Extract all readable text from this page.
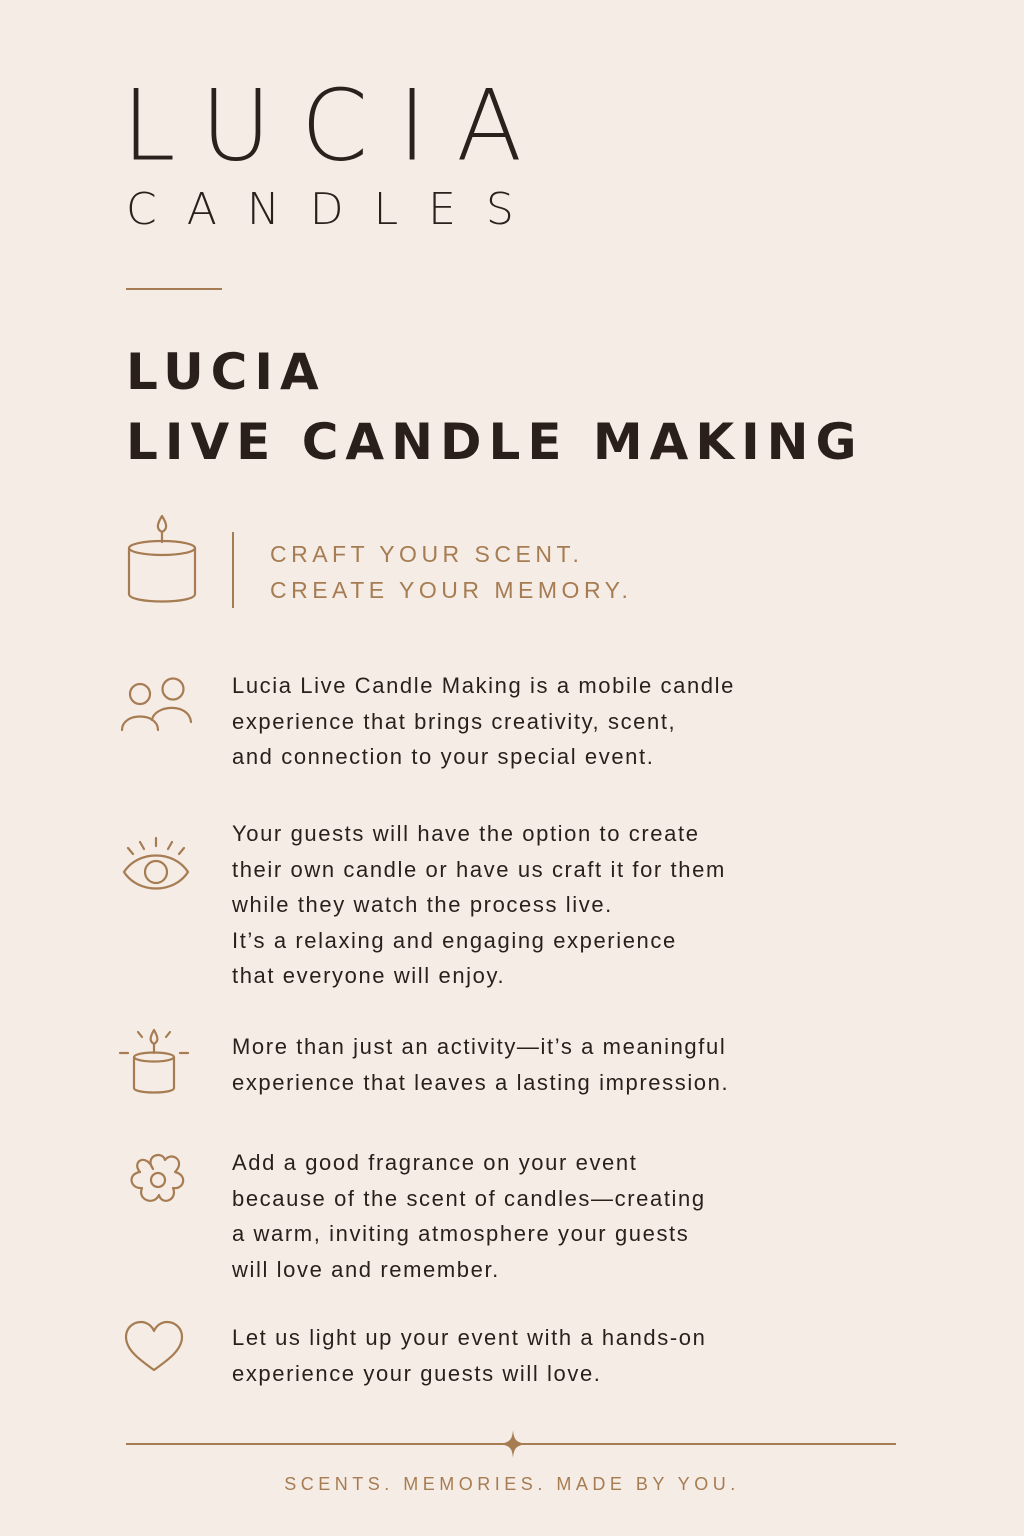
LUCIA
CANDLES
LUCIA
LIVE CANDLE MAKING
CRAFT YOUR SCENT.
CREATE YOUR MEMORY.
Lucia Live Candle Making is a mobile candle
experience that brings creativity, scent,
and connection to your special event.
Your guests will have the option to create
their own candle or have us craft it for them
while they watch the process live.
It’s a relaxing and engaging experience
that everyone will enjoy.
More than just an activity—it’s a meaningful
experience that leaves a lasting impression.
Add a good fragrance on your event
because of the scent of candles—creating
a warm, inviting atmosphere your guests
will love and remember.
Let us light up your event with a hands-on
experience your guests will love.
SCENTS. MEMORIES. MADE BY YOU.
